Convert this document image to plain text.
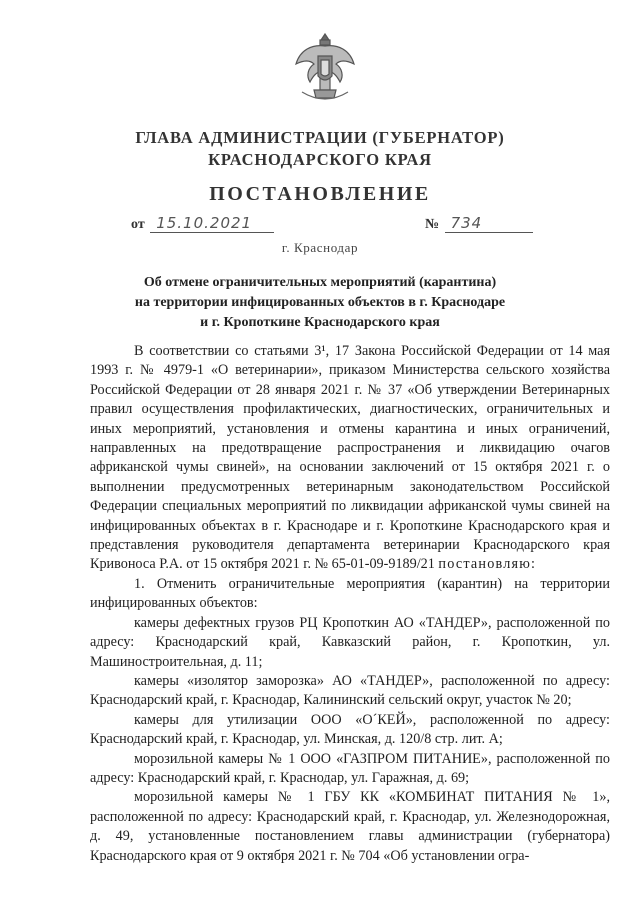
ГЛАВА АДМИНИСТРАЦИИ (ГУБЕРНАТОР)
КРАСНОДАРСКОГО КРАЯ
ПОСТАНОВЛЕНИЕ
от 15.10.2021	№ 734
г. Краснодар
Об отмене ограничительных мероприятий (карантина)
на территории инфицированных объектов в г. Краснодаре
и г. Кропоткине Краснодарского края

В соответствии со статьями 3¹, 17 Закона Российской Федерации от 14 мая 1993 г. № 4979-1 «О ветеринарии», приказом Министерства сельского хозяйства Российской Федерации от 28 января 2021 г. № 37 «Об утверждении Ветеринарных правил осуществления профилактических, диагностических, ограничительных и иных мероприятий, установления и отмены карантина и иных ограничений, направленных на предотвращение распространения и ликвидацию очагов африканской чумы свиней», на основании заключений от 15 октября 2021 г. о выполнении предусмотренных ветеринарным законодательством Российской Федерации специальных мероприятий по ликвидации африканской чумы свиней на инфицированных объектах в г. Краснодаре и г. Кропоткине Краснодарского края и представления руководителя департамента ветеринарии Краснодарского края Кривоноса Р.А. от 15 октября 2021 г. № 65-01-09-9189/21 постановляю:

1. Отменить ограничительные мероприятия (карантин) на территории инфицированных объектов:

камеры дефектных грузов РЦ Кропоткин АО «ТАНДЕР», расположенной по адресу: Краснодарский край, Кавказский район, г. Кропоткин, ул. Машиностроительная, д. 11;

камеры «изолятор заморозка» АО «ТАНДЕР», расположенной по адресу: Краснодарский край, г. Краснодар, Калининский сельский округ, участок № 20;

камеры для утилизации ООО «О´КЕЙ», расположенной по адресу: Краснодарский край, г. Краснодар, ул. Минская, д. 120/8 стр. лит. А;

морозильной камеры № 1 ООО «ГАЗПРОМ ПИТАНИЕ», расположенной по адресу: Краснодарский край, г. Краснодар, ул. Гаражная, д. 69;

морозильной камеры № 1 ГБУ КК «КОМБИНАТ ПИТАНИЯ № 1», расположенной по адресу: Краснодарский край, г. Краснодар, ул. Железнодорожная, д. 49, установленные постановлением главы администрации (губернатора) Краснодарского края от 9 октября 2021 г. № 704 «Об установлении огра-
